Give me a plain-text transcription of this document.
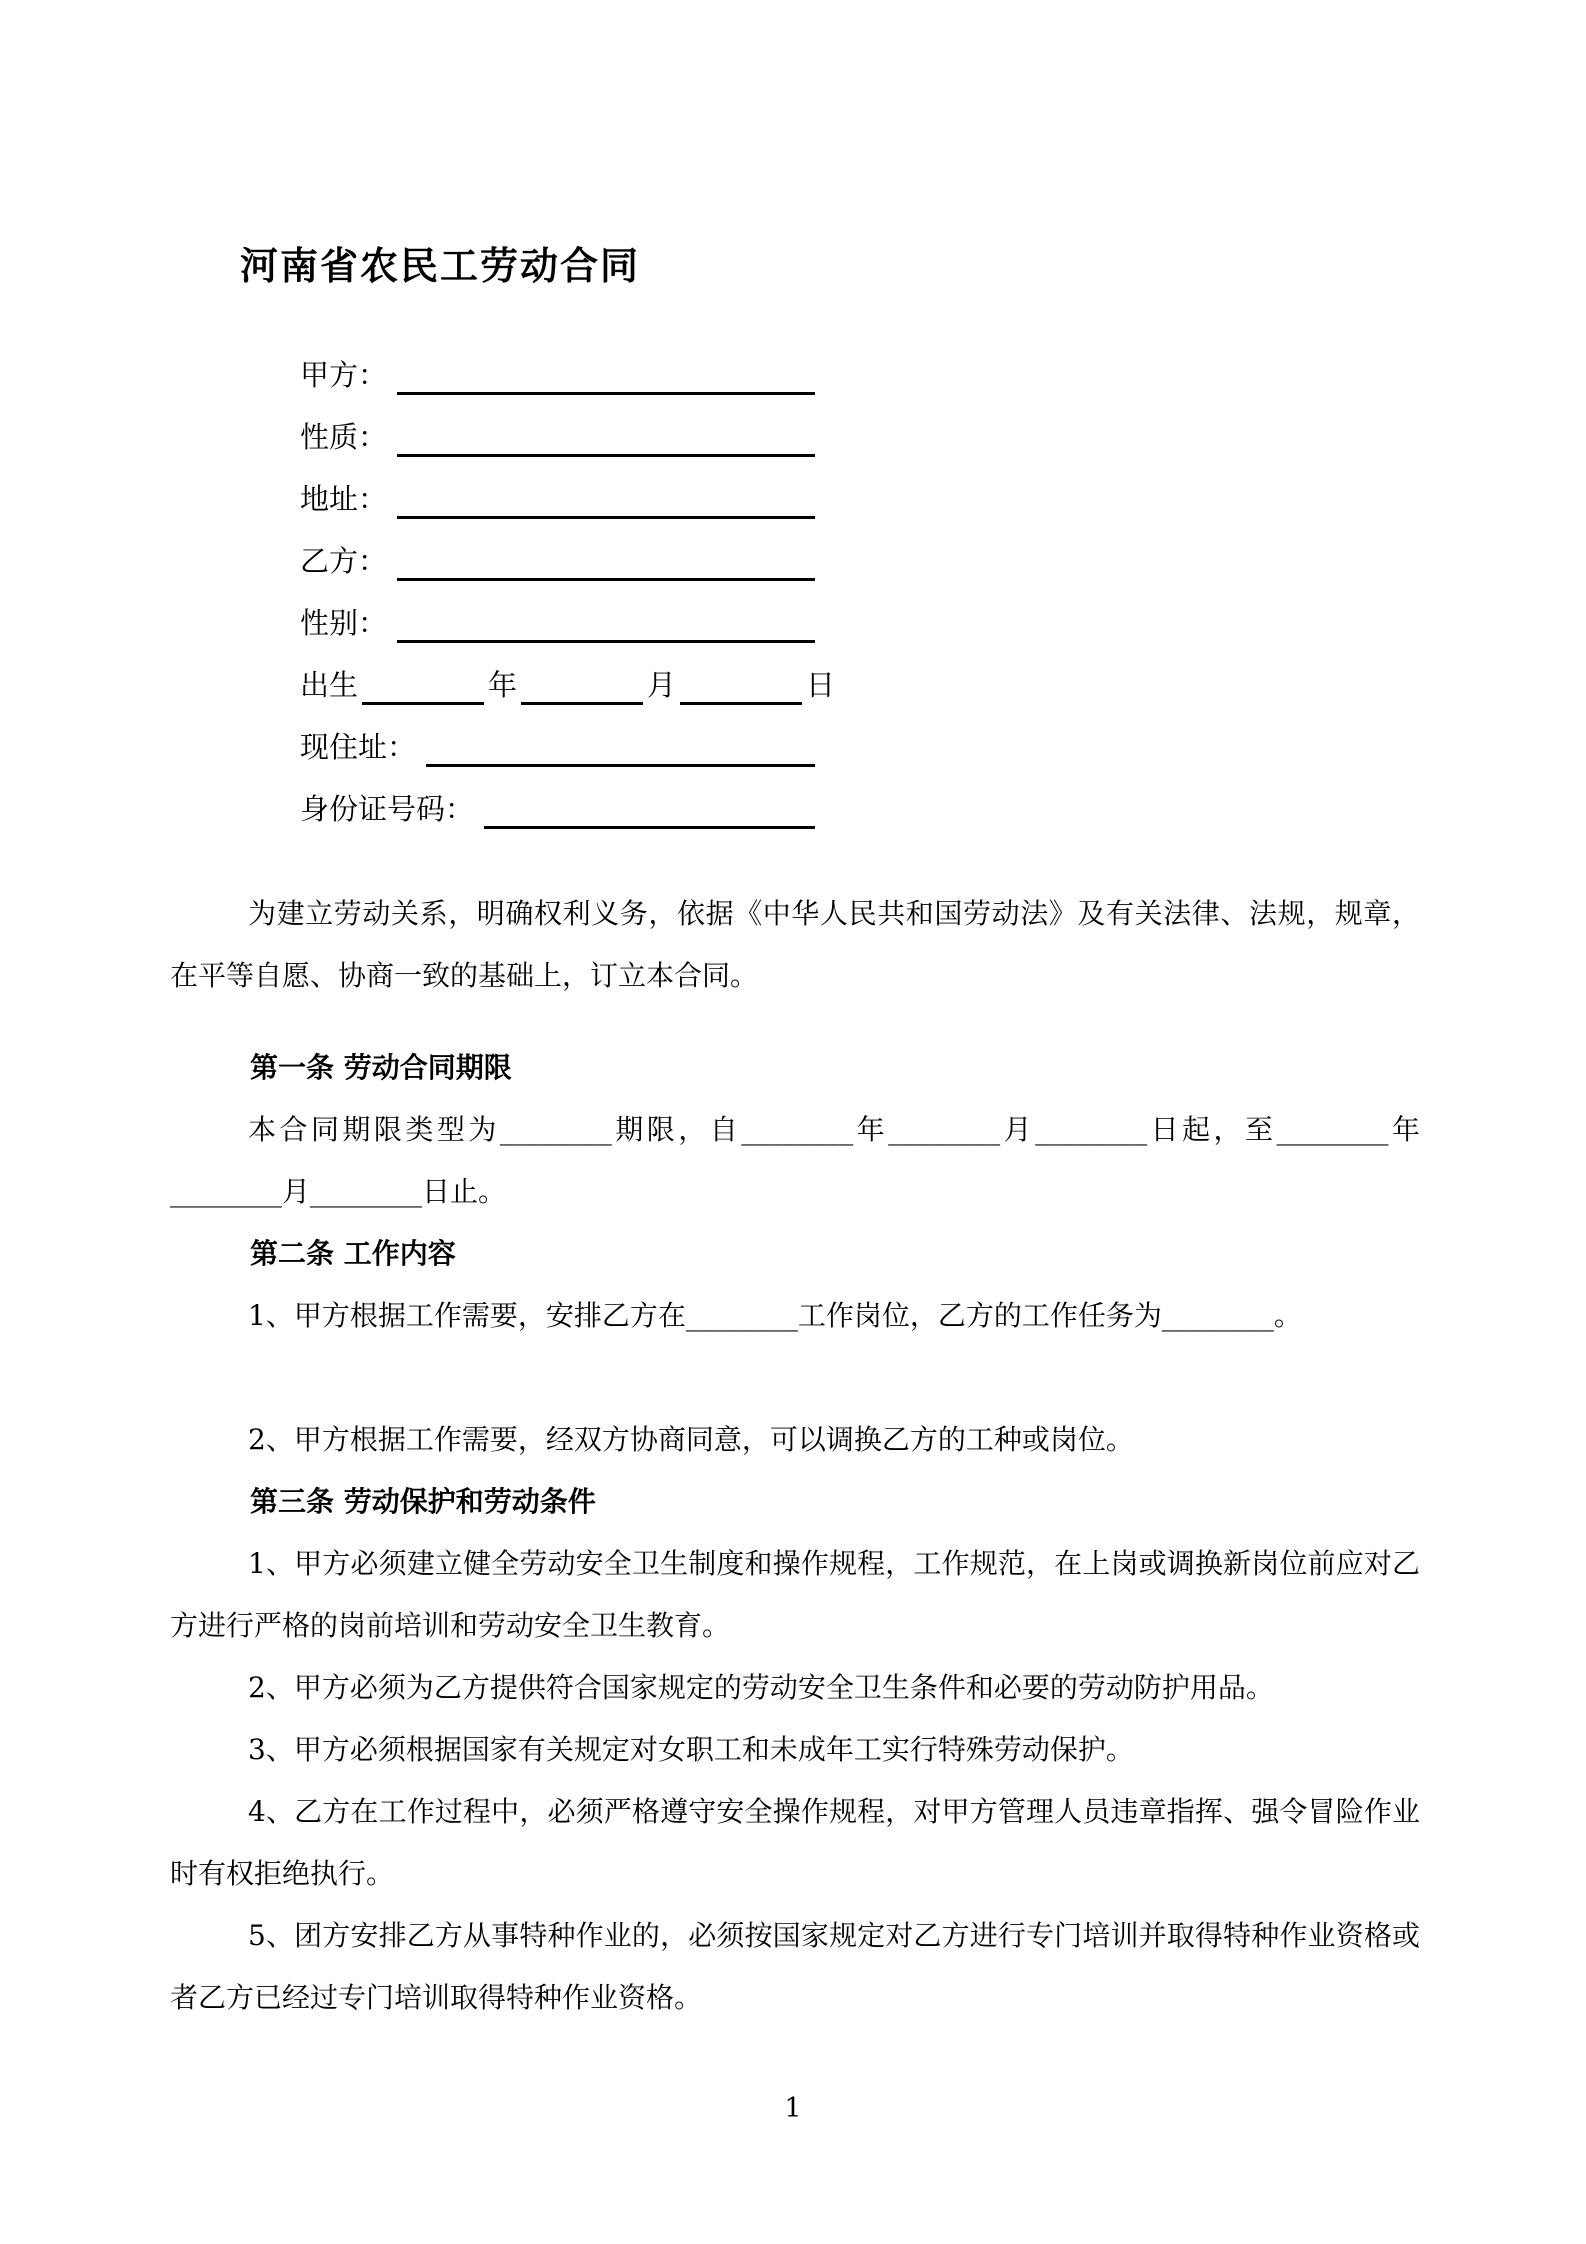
河南省农民工劳动合同
甲方：
性质：
地址：
乙方：
性别：
出生	年	月	日
现住址：
身份证号码：

为建立劳动关系，明确权利义务，依据《中华人民共和国劳动法》及有关法律、法规，规章，在平等自愿、协商一致的基础上，订立本合同。

第一条 劳动合同期限

本合同期限类型为________期限，自________年________月________日起，至________年________月________日止。

第二条 工作内容

1、甲方根据工作需要，安排乙方在________工作岗位，乙方的工作任务为________。

2、甲方根据工作需要，经双方协商同意，可以调换乙方的工种或岗位。

第三条 劳动保护和劳动条件

1、甲方必须建立健全劳动安全卫生制度和操作规程，工作规范，在上岗或调换新岗位前应对乙方进行严格的岗前培训和劳动安全卫生教育。

2、甲方必须为乙方提供符合国家规定的劳动安全卫生条件和必要的劳动防护用品。

3、甲方必须根据国家有关规定对女职工和未成年工实行特殊劳动保护。

4、乙方在工作过程中，必须严格遵守安全操作规程，对甲方管理人员违章指挥、强令冒险作业时有权拒绝执行。

5、团方安排乙方从事特种作业的，必须按国家规定对乙方进行专门培训并取得特种作业资格或者乙方已经过专门培训取得特种作业资格。

1
